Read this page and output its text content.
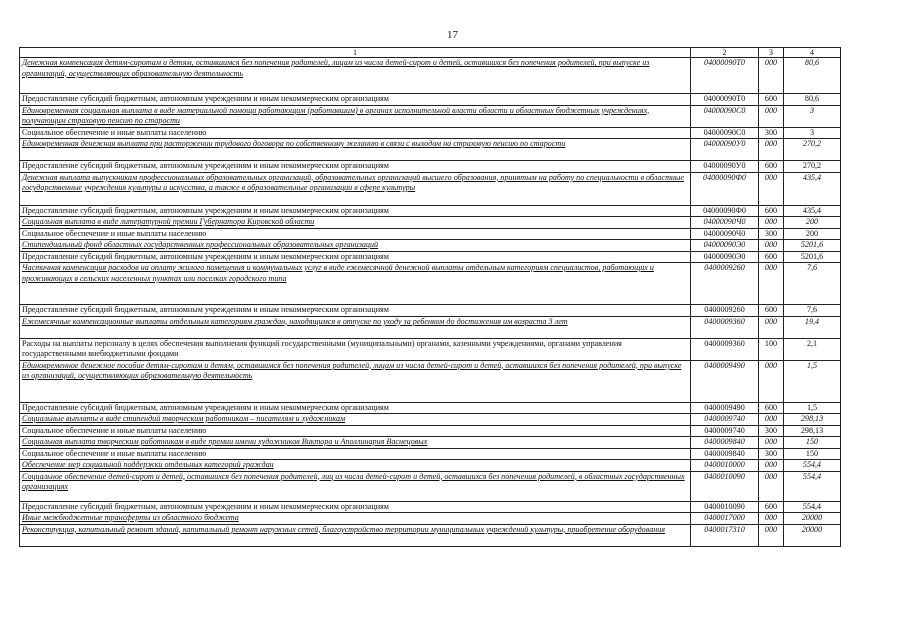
17
1	2	3	4
Денежная компенсация детям-сиротам и детям, оставшимся без попечения родителей, лицам из числа детей-сирот и детей, оставшихся без попечения родителей, при выпуске из организаций, осуществляющих образовательную деятельность	04000090Т0	000	80,6
Предоставление субсидий бюджетным, автономным учреждениям и иным некоммерческим организациям	04000090Т0	600	80,6
Единовременная социальная выплата в виде материальной помощи работающим (работавшим) в органах исполнительной власти области и областных бюджетных учреждениях, получающим страховую пенсию по старости	04000090С0	000	3
Социальное обеспечение и иные выплаты населению	04000090С0	300	3
Единовременная денежная выплата при расторжении трудового договора по собственному желанию в связи с выходом на страховую пенсию по старости	04000090У0	000	270,2
Предоставление субсидий бюджетным, автономным учреждениям и иным некоммерческим организациям	04000090У0	600	270,2
Денежная выплата выпускникам профессиональных образовательных организаций, образовательных организаций высшего образования, принятым на работу по специальности в областные государственные учреждения культуры и искусства, а также в образовательные организации в сфере культуры	04000090Ф0	000	435,4
Предоставление субсидий бюджетным, автономным учреждениям и иным некоммерческим организациям	04000090Ф0	600	435,4
Социальная выплата в виде литературной премии Губернатора Кировской области	04000090Ч0	000	200
Социальное обеспечение и иные выплаты населению	04000090Ч0	300	200
Стипендиальный фонд областных государственных профессиональных образовательных организаций	04000090Э0	000	5201,6
Предоставление субсидий бюджетным, автономным учреждениям и иным некоммерческим организациям	04000090Э0	600	5201,6
Частичная компенсация расходов на оплату жилого помещения и коммунальных услуг в виде ежемесячной денежной выплаты отдельным категориям специалистов, работающих и проживающих в сельских населенных пунктах или поселках городского типа	0400009260	000	7,6
Предоставление субсидий бюджетным, автономным учреждениям и иным некоммерческим организациям	0400009260	600	7,6
Ежемесячные компенсационные выплаты отдельным категориям граждан, находящимся в отпуске по уходу за ребенком до достижения им возраста 3 лет	0400009360	000	19,4
Расходы на выплаты персоналу в целях обеспечения выполнения функций государственными (муниципальными) органами, казенными учреждениями, органами управления государственными внебюджетными фондами	0400009360	100	2,1
Единовременное денежное пособие детям-сиротам и детям, оставшимся без попечения родителей, лицам из числа детей-сирот и детей, оставшихся без попечения родителей, при выпуске из организаций, осуществляющих образовательную деятельность	0400009490	000	1,5
Предоставление субсидий бюджетным, автономным учреждениям и иным некоммерческим организациям	0400009490	600	1,5
Социальные выплаты в виде стипендий творческим работникам – писателям и художникам	0400009740	000	298,13
Социальное обеспечение и иные выплаты населению	0400009740	300	298,13
Социальная выплата творческим работникам в виде премии имени художников Виктора и Аполлинария Васнецовых	0400009840	000	150
Социальное обеспечение и иные выплаты населению	0400009840	300	150
Обеспечение мер социальной поддержки отдельных категорий граждан	0400010000	000	554,4
Социальное обеспечение детей-сирот и детей, оставшихся без попечения родителей, лиц из числа детей-сирот и детей, оставшихся без попечения родителей, в областных государственных организациях	0400010090	000	554,4
Предоставление субсидий бюджетным, автономным учреждениям и иным некоммерческим организациям	0400010090	600	554,4
Иные межбюджетные трансферты из областного бюджета	0400017000	000	20000
Реконструкция, капитальный ремонт зданий, капитальный ремонт наружных сетей, благоустройство территории муниципальных учреждений культуры, приобретение оборудования	0400017310	000	20000
